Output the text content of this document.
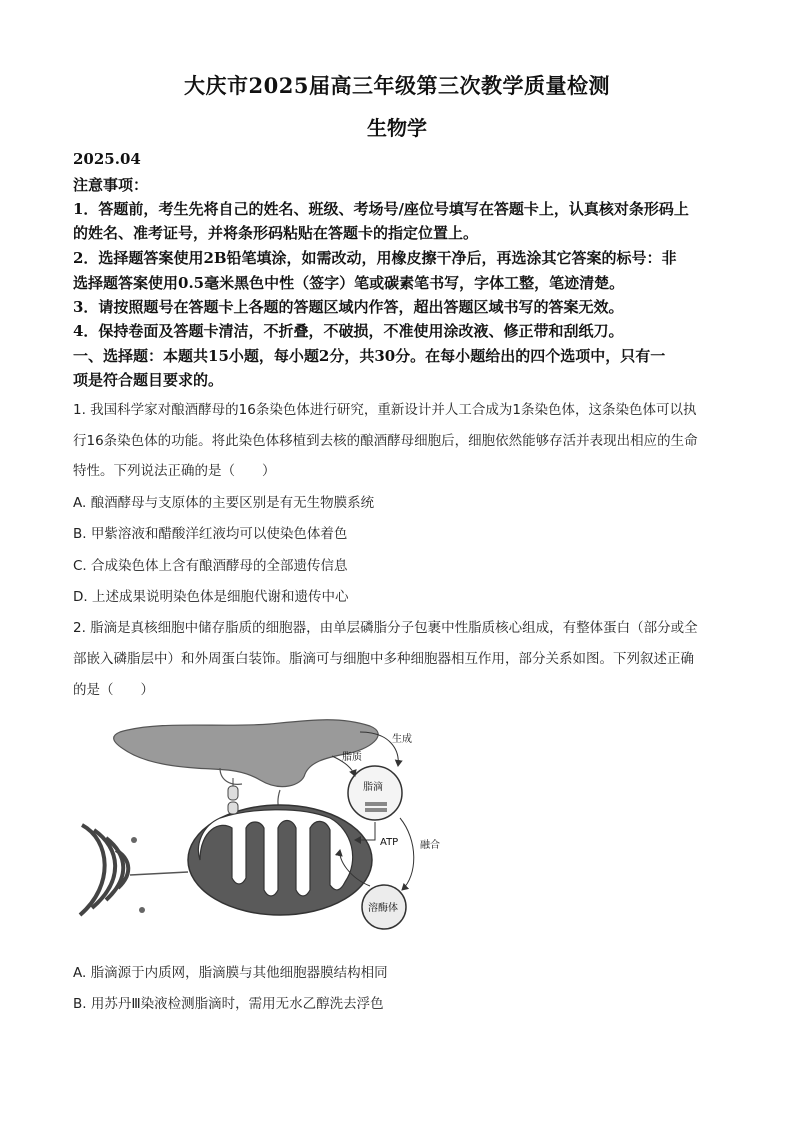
大庆市2025届高三年级第三次教学质量检测
生物学
2025.04
注意事项：
1．答题前，考生先将自己的姓名、班级、考场号/座位号填写在答题卡上，认真核对条形码上
的姓名、准考证号，并将条形码粘贴在答题卡的指定位置上。
2．选择题答案使用2B铅笔填涂，如需改动，用橡皮擦干净后，再选涂其它答案的标号：非
选择题答案使用0.5毫米黑色中性（签字）笔或碳素笔书写，字体工整，笔迹清楚。
3．请按照题号在答题卡上各题的答题区域内作答，超出答题区域书写的答案无效。
4．保持卷面及答题卡清洁，不折叠，不破损，不准使用涂改液、修正带和刮纸刀。
一、选择题：本题共15小题，每小题2分，共30分。在每小题给出的四个选项中，只有一
项是符合题目要求的。
1. 我国科学家对酿酒酵母的16条染色体进行研究，重新设计并人工合成为1条染色体，这条染色体可以执
行16条染色体的功能。将此染色体移植到去核的酿酒酵母细胞后，细胞依然能够存活并表现出相应的生命
特性。下列说法正确的是（　　）
A. 酿酒酵母与支原体的主要区别是有无生物膜系统
B. 甲紫溶液和醋酸洋红液均可以使染色体着色
C. 合成染色体上含有酿酒酵母的全部遗传信息
D. 上述成果说明染色体是细胞代谢和遗传中心
2. 脂滴是真核细胞中储存脂质的细胞器，由单层磷脂分子包裹中性脂质核心组成，有整体蛋白（部分或全
部嵌入磷脂层中）和外周蛋白装饰。脂滴可与细胞中多种细胞器相互作用，部分关系如图。下列叙述正确
的是（　　）
脂滴
溶酶体
生成
脂质
ATP 融合
A. 脂滴源于内质网，脂滴膜与其他细胞器膜结构相同
B. 用苏丹Ⅲ染液检测脂滴时，需用无水乙醇洗去浮色
